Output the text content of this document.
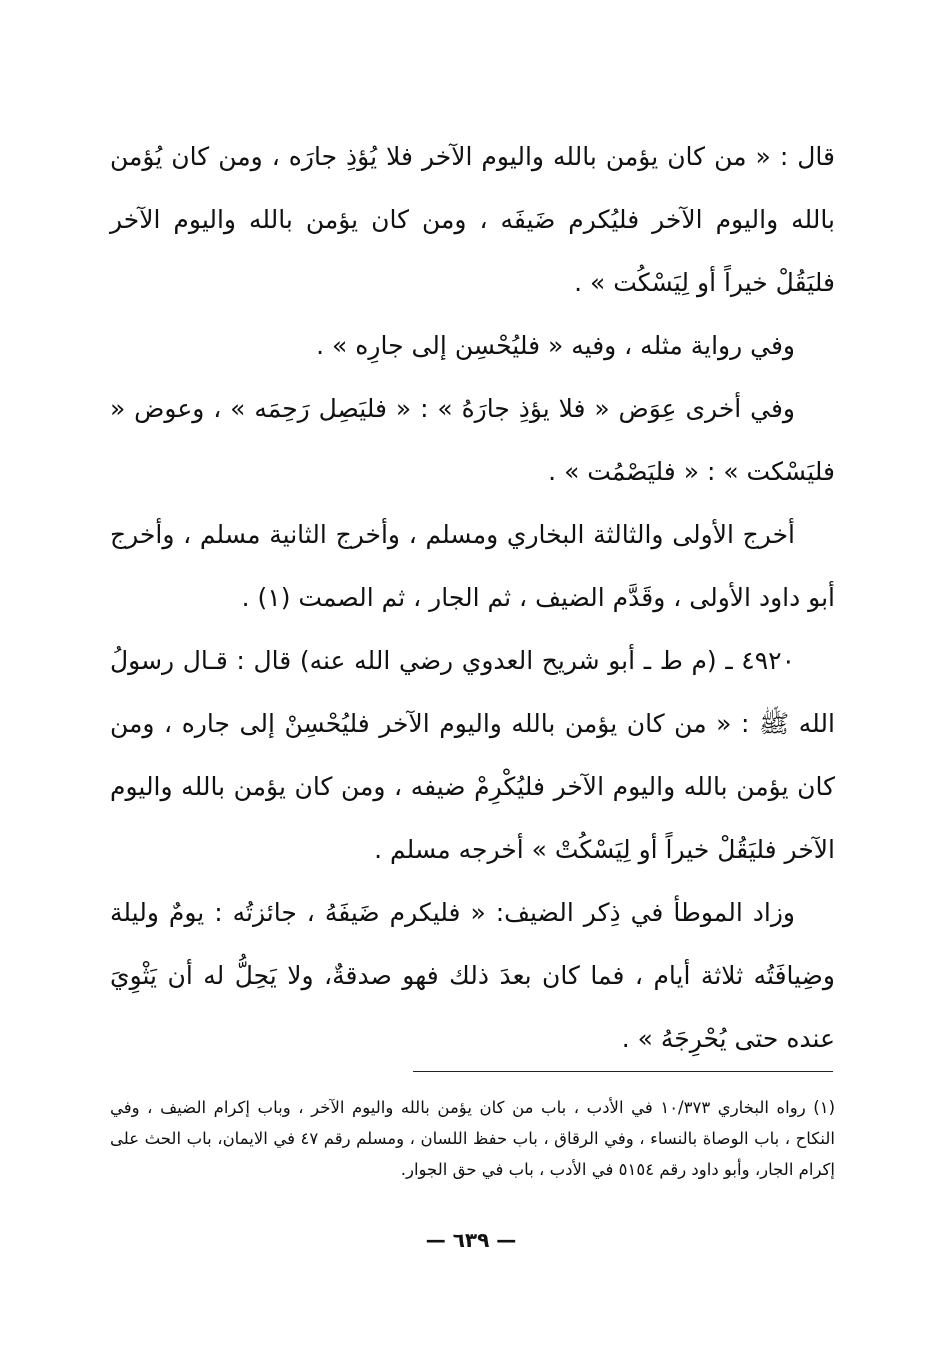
قال : « من كان يؤمن بالله واليوم الآخر فلا يُؤذِ جارَه ، ومن كان يُؤمن بالله واليوم الآخر فليُكرم ضَيفَه ، ومن كان يؤمن بالله واليوم الآخر فليَقُلْ خيراً أو لِيَسْكُت » .

وفي رواية مثله ، وفيه « فليُحْسِن إلى جارِه » .

وفي أخرى عِوَض « فلا يؤذِ جارَهُ » : « فليَصِل رَحِمَه » ، وعوض « فليَسْكت » : « فليَصْمُت » .

أخرج الأولى والثالثة البخاري ومسلم ، وأخرج الثانية مسلم ، وأخرج أبو داود الأولى ، وقَدَّم الضيف ، ثم الجار ، ثم الصمت (١) .

٤٩٢٠ ـ (م ط ـ أبو شريح العدوي رضي الله عنه) قال : قـال رسولُ الله ﷺ : « من كان يؤمن بالله واليوم الآخر فليُحْسِنْ إلى جاره ، ومن كان يؤمن بالله واليوم الآخر فليُكْرِمْ ضيفه ، ومن كان يؤمن بالله واليوم الآخر فليَقُلْ خيراً أو لِيَسْكُتْ » أخرجه مسلم .

وزاد الموطأ في ذِكر الضيف: « فليكرم ضَيفَهُ ، جائزتُه : يومٌ وليلة وضِيافَتُه ثلاثة أيام ، فما كان بعدَ ذلك فهو صدقةٌ، ولا يَحِلُّ له أن يَثْوِيَ عنده حتى يُحْرِجَهُ » .

(١) رواه البخاري ١٠/٣٧٣ في الأدب ، باب من كان يؤمن بالله واليوم الآخر ، وباب إكرام الضيف ، وفي النكاح ، باب الوصاة بالنساء ، وفي الرقاق ، باب حفظ اللسان ، ومسلم رقم ٤٧ في الايمان، باب الحث على إكرام الجار، وأبو داود رقم ٥١٥٤ في الأدب ، باب في حق الجوار.

— ٦٣٩ —
